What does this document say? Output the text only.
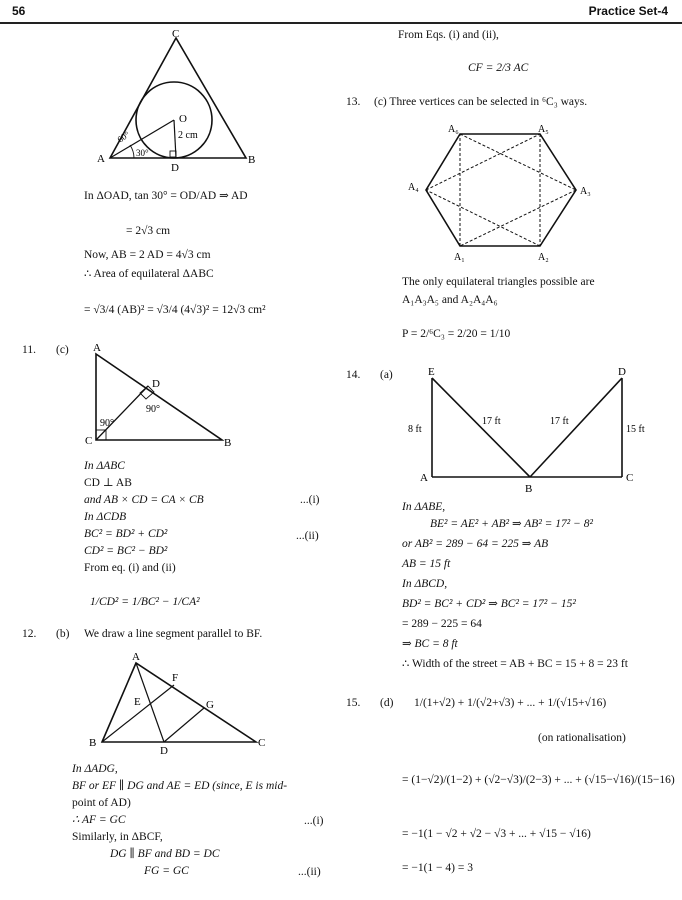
56	Practice Set-4
C
O
2 cm
60°
30°
A
D
B
In ΔOAD, tan 30° = OD/AD ⇒ AD
= 2√3 cm
Now, AB = 2 AD = 4√3 cm
∴ Area of equilateral ΔABC
= √3/4 (AB)² = √3/4 (4√3)² = 12√3 cm²
11. (c) A
D
90°
90°
C	B
In ΔABC
CD ⊥ AB
and AB × CD = CA × CB	...(i)
In ΔCDB
BC² = BD² + CD²	...(ii)
CD² = BC² − BD²
From eq. (i) and (ii)
1/CD² = 1/BC² − 1/CA²
12. (b) We draw a line segment parallel to BF.
A
F
E	G
B
D
C
In ΔADG,
BF or EF ∥ DG and AE = ED (since, E is mid-
point of AD)
∴ AF = GC	...(i)
Similarly, in ΔBCF,
DG ∥ BF and BD = DC
FG = GC	...(ii)
From Eqs. (i) and (ii),
CF = 2/3 AC
13. (c) Three vertices can be selected in ⁶C₃ ways.
A₆	A₅
A₃
A₂
A₁
A₄
The only equilateral triangles possible are
A₁A₃A₅ and A₂A₄A₆
P = 2/⁶C₃ = 2/20 = 1/10
14. (a)	E	D
17 ft	17 ft
8 ft	15 ft
A
B
C
In ΔABE,
BE² = AE² + AB² ⇒ AB² = 17² − 8²
or AB² = 289 − 64 = 225 ⇒ AB
AB = 15 ft
In ΔBCD,
BD² = BC² + CD² ⇒ BC² = 17² − 15²
= 289 − 225 = 64
⇒ BC = 8 ft
∴ Width of the street = AB + BC = 15 + 8 = 23 ft
15. (d) 1/(1+√2) + 1/(√2+√3) + ... + 1/(√15+√16)
(on rationalisation)
= (1−√2)/(1−2) + (√2−√3)/(2−3) + ... + (√15−√16)/(15−16)
= −1(1 − √2 + √2 − √3 + ... + √15 − √16)
= −1(1 − 4) = 3
